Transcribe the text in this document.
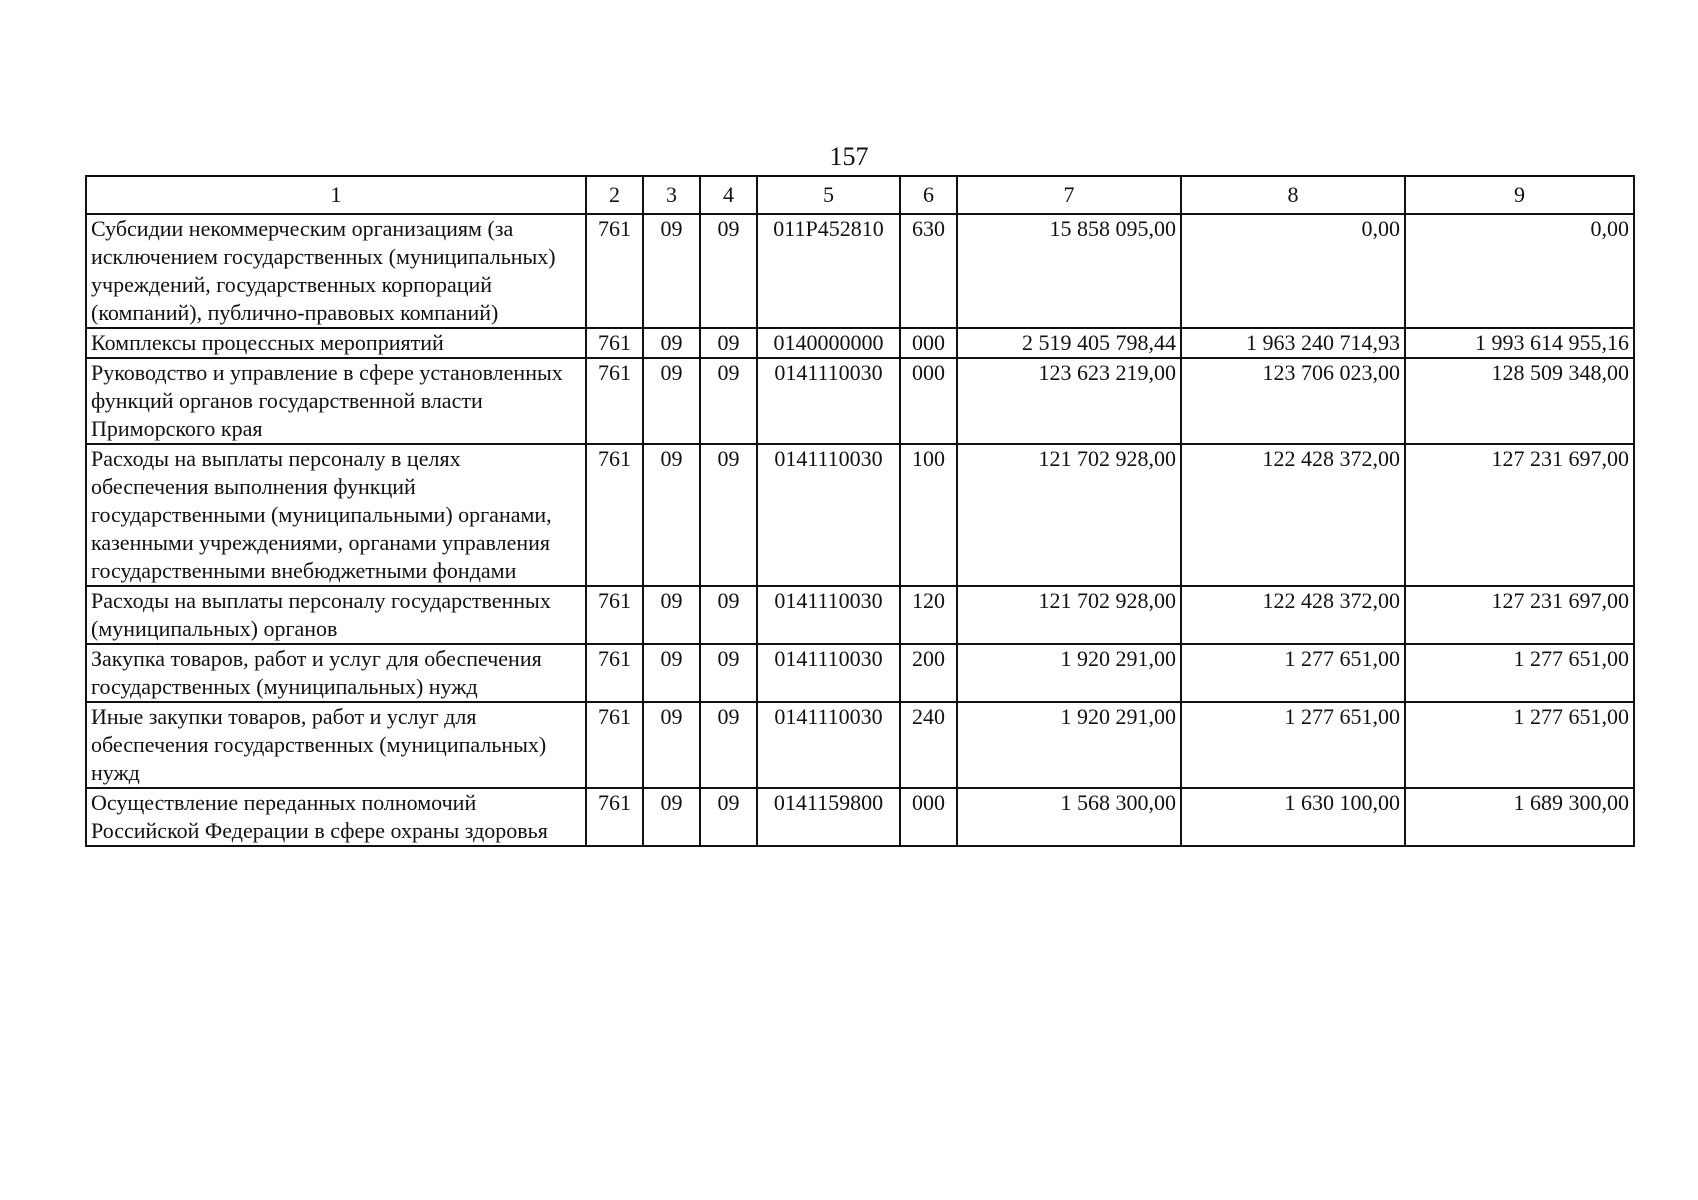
157
1	2	3	4	5	6	7	8	9
Субсидии некоммерческим организациям (за исключением государственных (муниципальных) учреждений, государственных корпораций (компаний), публично-правовых компаний)	761	09	09	011P452810	630	15 858 095,00	0,00	0,00
Комплексы процессных мероприятий	761	09	09	0140000000	000	2 519 405 798,44	1 963 240 714,93	1 993 614 955,16
Руководство и управление в сфере установленных функций органов государственной власти Приморского края	761	09	09	0141110030	000	123 623 219,00	123 706 023,00	128 509 348,00
Расходы на выплаты персоналу в целях обеспечения выполнения функций государственными (муниципальными) органами, казенными учреждениями, органами управления государственными внебюджетными фондами	761	09	09	0141110030	100	121 702 928,00	122 428 372,00	127 231 697,00
Расходы на выплаты персоналу государственных (муниципальных) органов	761	09	09	0141110030	120	121 702 928,00	122 428 372,00	127 231 697,00
Закупка товаров, работ и услуг для обеспечения государственных (муниципальных) нужд	761	09	09	0141110030	200	1 920 291,00	1 277 651,00	1 277 651,00
Иные закупки товаров, работ и услуг для обеспечения государственных (муниципальных) нужд	761	09	09	0141110030	240	1 920 291,00	1 277 651,00	1 277 651,00
Осуществление переданных полномочий Российской Федерации в сфере охраны здоровья	761	09	09	0141159800	000	1 568 300,00	1 630 100,00	1 689 300,00
